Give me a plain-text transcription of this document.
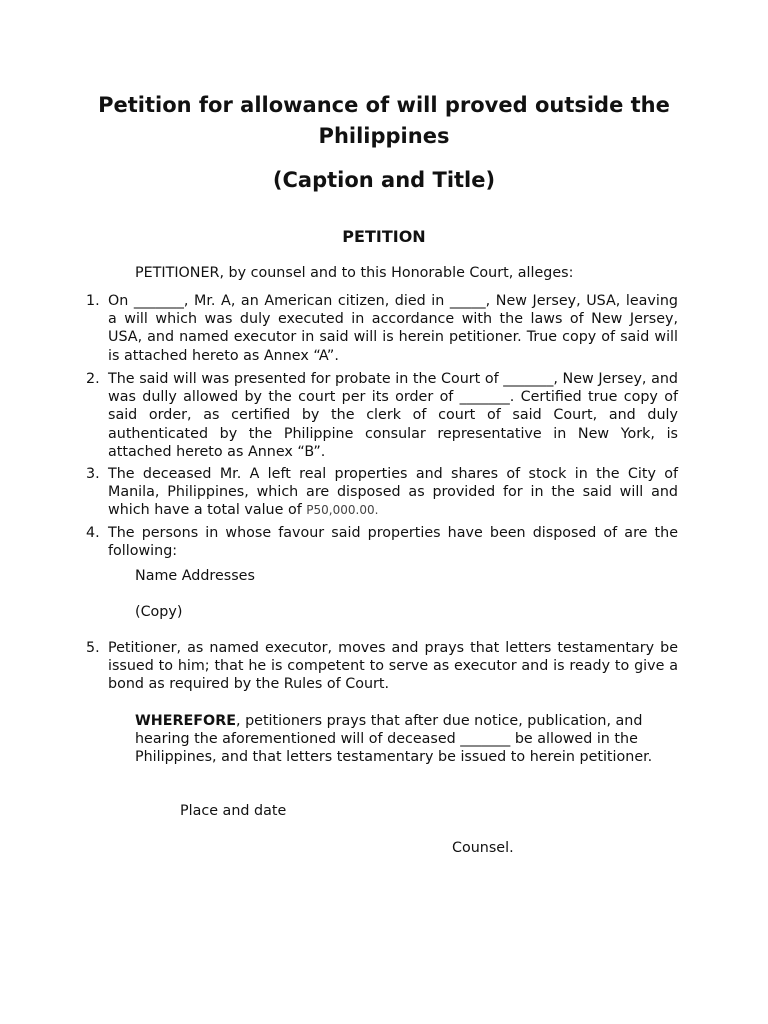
Petition for allowance of will proved outside the Philippines
(Caption and Title)
PETITION

PETITIONER, by counsel and to this Honorable Court, alleges:

1. On _______, Mr. A, an American citizen, died in _____, New Jersey, USA, leaving a will which was duly executed in accordance with the laws of New Jersey, USA, and named executor in said will is herein petitioner. True copy of said will is attached hereto as Annex “A”.
2. The said will was presented for probate in the Court of _______, New Jersey, and was dully allowed by the court per its order of _______. Certified true copy of said order, as certified by the clerk of court of said Court, and duly authenticated by the Philippine consular representative in New York, is attached hereto as Annex “B”.
3. The deceased Mr. A left real properties and shares of stock in the City of Manila, Philippines, which are disposed as provided for in the said will and which have a total value of P50,000.00.
4. The persons in whose favour said properties have been disposed of are the following:
Name Addresses
(Copy)
5. Petitioner, as named executor, moves and prays that letters testamentary be issued to him; that he is competent to serve as executor and is ready to give a bond as required by the Rules of Court.
WHEREFORE, petitioners prays that after due notice, publication, and hearing the aforementioned will of deceased _______ be allowed in the Philippines, and that letters testamentary be issued to herein petitioner.
Place and date
Counsel.
